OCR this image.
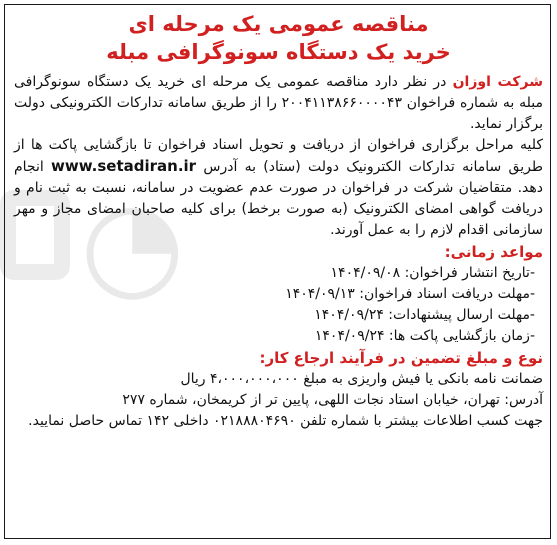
◔

مناقصه عمومی یک مرحله ای

خرید یک دستگاه سونوگرافی مبله

شرکت اوزان در نظر دارد مناقصه عمومی یک مرحله ای خرید یک دستگاه سونوگرافی مبله به شماره فراخوان ۲۰۰۴۱۱۳۸۶۶۰۰۰۰۴۳ را از طریق سامانه تدارکات الکترونیکی دولت برگزار نماید.

کلیه مراحل برگزاری فراخوان از دریافت و تحویل اسناد فراخوان تا بازگشایی پاکت ها از طریق سامانه تدارکات الکترونیک دولت (ستاد) به آدرس www.setadiran.ir انجام دهد. متقاضیان شرکت در فراخوان در صورت عدم عضویت در سامانه، نسبت به ثبت نام و دریافت گواهی امضای الکترونیک (به صورت برخط) برای کلیه صاحبان امضای مجاز و مهر سازمانی اقدام لازم را به عمل آورند.

مواعد زمانی:

-تاریخ انتشار فراخوان: ۱۴۰۴/۰۹/۰۸

-مهلت دریافت اسناد فراخوان: ۱۴۰۴/۰۹/۱۳

-مهلت ارسال پیشنهادات: ۱۴۰۴/۰۹/۲۴

-زمان بازگشایی پاکت ها: ۱۴۰۴/۰۹/۲۴

نوع و مبلغ تضمین در فرآیند ارجاع کار:

ضمانت نامه بانکی یا فیش واریزی به مبلغ ۴،۰۰۰،۰۰۰،۰۰۰ ریال

آدرس: تهران، خیابان استاد نجات اللهی، پایین تر از کریمخان، شماره ۲۷۷

جهت کسب اطلاعات بیشتر با شماره تلفن ۰۲۱۸۸۸۰۴۶۹۰ داخلی ۱۴۲ تماس حاصل نمایید.
